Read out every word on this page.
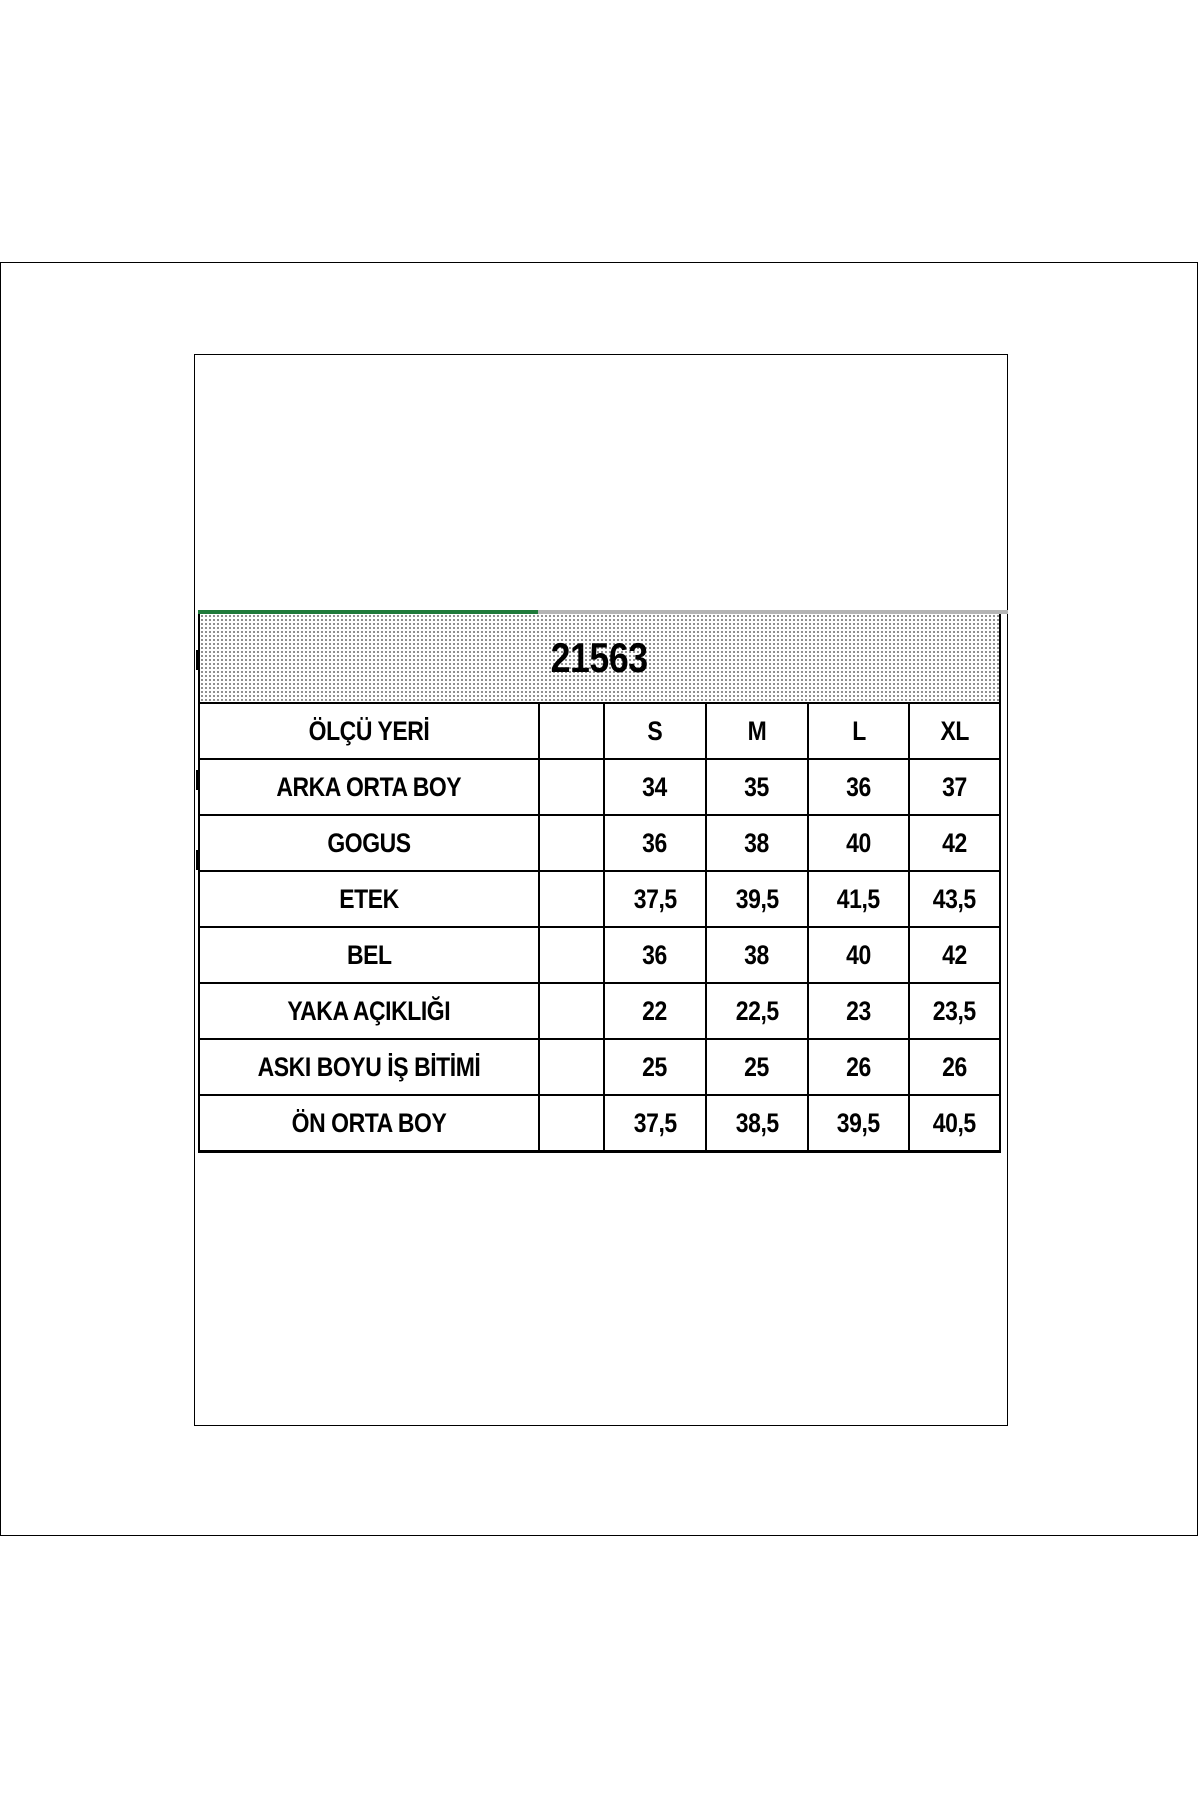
21563					
ÖLÇÜ YERİ		S	M	L	XL
ARKA ORTA BOY		34	35	36	37
GOGUS		36	38	40	42
ETEK		37,5	39,5	41,5	43,5
BEL		36	38	40	42
YAKA AÇIKLIĞI		22	22,5	23	23,5
ASKI BOYU İŞ BİTİMİ		25	25	26	26
ÖN ORTA BOY		37,5	38,5	39,5	40,5
